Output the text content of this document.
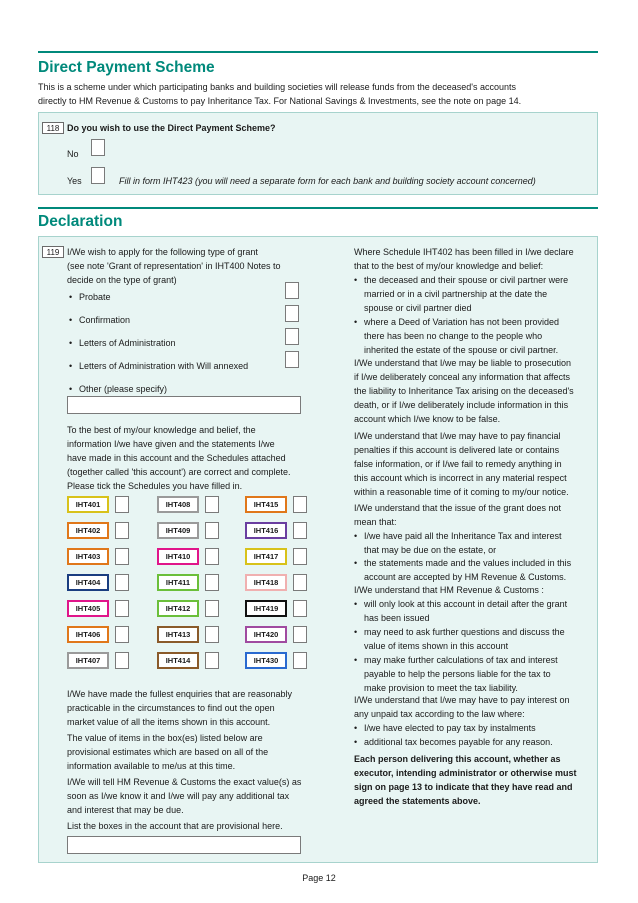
Direct Payment Scheme
This is a scheme under which participating banks and building societies will release funds from the deceased's accounts
directly to HM Revenue & Customs to pay Inheritance Tax. For National Savings & Investments, see the note on page 14.
118 Do you wish to use the Direct Payment Scheme?
No
Yes	Fill in form IHT423 (you will need a separate form for each bank and building society account concerned)
Declaration
119 I/We wish to apply for the following type of grant
(see note 'Grant of representation' in IHT400 Notes to
decide on the type of grant)
• Probate
• Confirmation
• Letters of Administration
• Letters of Administration with Will annexed
• Other (please specify)
To the best of my/our knowledge and belief, the
information I/we have given and the statements I/we
have made in this account and the Schedules attached
(together called 'this account') are correct and complete.
Please tick the Schedules you have filled in.
IHT401	IHT408	IHT415
IHT402	IHT409	IHT416
IHT403	IHT410	IHT417
IHT404	IHT411	IHT418
IHT405	IHT412	IHT419
IHT406	IHT413	IHT420
IHT407	IHT414	IHT430
I/We have made the fullest enquiries that are reasonably
practicable in the circumstances to find out the open
market value of all the items shown in this account.
The value of items in the box(es) listed below are
provisional estimates which are based on all of the
information available to me/us at this time.
I/We will tell HM Revenue & Customs the exact value(s) as
soon as I/we know it and I/we will pay any additional tax
and interest that may be due.
List the boxes in the account that are provisional here.
Where Schedule IHT402 has been filled in I/we declare
that to the best of my/our knowledge and belief:
• the deceased and their spouse or civil partner were
married or in a civil partnership at the date the
spouse or civil partner died
• where a Deed of Variation has not been provided
there has been no change to the people who
inherited the estate of the spouse or civil partner.
I/We understand that I/we may be liable to prosecution
if I/we deliberately conceal any information that affects
the liability to Inheritance Tax arising on the deceased's
death, or if I/we deliberately include information in this
account which I/we know to be false.
I/We understand that I/we may have to pay financial
penalties if this account is delivered late or contains
false information, or if I/we fail to remedy anything in
this account which is incorrect in any material respect
within a reasonable time of it coming to my/our notice.
I/We understand that the issue of the grant does not
mean that:
• I/we have paid all the Inheritance Tax and interest
that may be due on the estate, or
• the statements made and the values included in this
account are accepted by HM Revenue & Customs.
I/We understand that HM Revenue & Customs :
• will only look at this account in detail after the grant
has been issued
• may need to ask further questions and discuss the
value of items shown in this account
• may make further calculations of tax and interest
payable to help the persons liable for the tax to
make provision to meet the tax liability.
I/We understand that I/we may have to pay interest on
any unpaid tax according to the law where:
• I/we have elected to pay tax by instalments
• additional tax becomes payable for any reason.
Each person delivering this account, whether as
executor, intending administrator or otherwise must
sign on page 13 to indicate that they have read and
agreed the statements above.
Page 12
